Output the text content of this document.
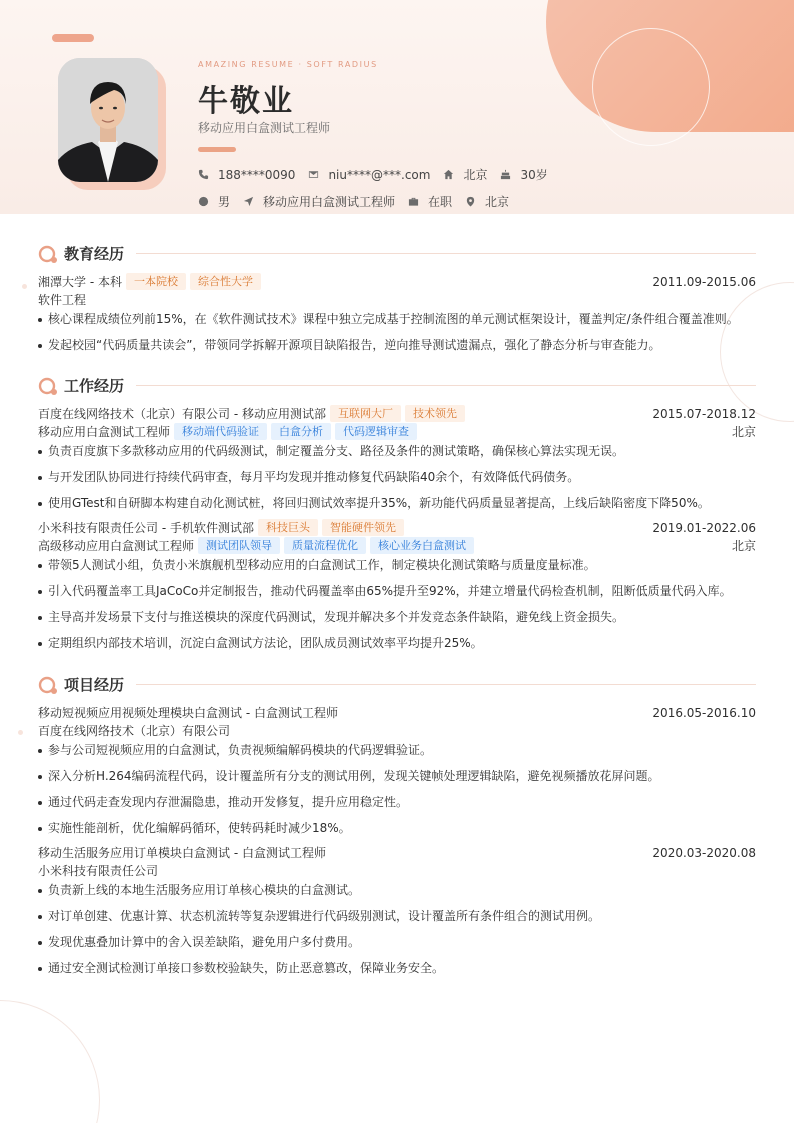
AMAZING RESUME · SOFT RADIUS
牛敬业
移动应用白盒测试工程师
188****0090	niu****@***.com	北京	30岁
男	移动应用白盒测试工程师	在职	北京
教育经历
湘潭大学 - 本科	一本院校	综合性大学	2011.09-2015.06
软件工程
核心课程成绩位列前15%，在《软件测试技术》课程中独立完成基于控制流图的单元测试框架设计，覆盖判定/条件组合覆盖准则。
发起校园“代码质量共读会”，带领同学拆解开源项目缺陷报告，逆向推导测试遗漏点，强化了静态分析与审查能力。
工作经历
百度在线网络技术（北京）有限公司 - 移动应用测试部	互联网大厂	技术领先	2015.07-2018.12
移动应用白盒测试工程师	移动端代码验证	白盒分析	代码逻辑审查	北京
负责百度旗下多款移动应用的代码级测试，制定覆盖分支、路径及条件的测试策略，确保核心算法实现无误。
与开发团队协同进行持续代码审查，每月平均发现并推动修复代码缺陷40余个，有效降低代码债务。
使用GTest和自研脚本构建自动化测试桩，将回归测试效率提升35%，新功能代码质量显著提高，上线后缺陷密度下降50%。
小米科技有限责任公司 - 手机软件测试部	科技巨头	智能硬件领先	2019.01-2022.06
高级移动应用白盒测试工程师	测试团队领导	质量流程优化	核心业务白盒测试	北京
带领5人测试小组，负责小米旗舰机型移动应用的白盒测试工作，制定模块化测试策略与质量度量标准。
引入代码覆盖率工具JaCoCo并定制报告，推动代码覆盖率由65%提升至92%，并建立增量代码检查机制，阻断低质量代码入库。
主导高并发场景下支付与推送模块的深度代码测试，发现并解决多个并发竞态条件缺陷，避免线上资金损失。
定期组织内部技术培训，沉淀白盒测试方法论，团队成员测试效率平均提升25%。
项目经历
移动短视频应用视频处理模块白盒测试 - 白盒测试工程师	2016.05-2016.10
百度在线网络技术（北京）有限公司
参与公司短视频应用的白盒测试，负责视频编解码模块的代码逻辑验证。
深入分析H.264编码流程代码，设计覆盖所有分支的测试用例，发现关键帧处理逻辑缺陷，避免视频播放花屏问题。
通过代码走查发现内存泄漏隐患，推动开发修复，提升应用稳定性。
实施性能剖析，优化编解码循环，使转码耗时减少18%。
移动生活服务应用订单模块白盒测试 - 白盒测试工程师	2020.03-2020.08
小米科技有限责任公司
负责新上线的本地生活服务应用订单核心模块的白盒测试。
对订单创建、优惠计算、状态机流转等复杂逻辑进行代码级别测试，设计覆盖所有条件组合的测试用例。
发现优惠叠加计算中的舍入误差缺陷，避免用户多付费用。
通过安全测试检测订单接口参数校验缺失，防止恶意篡改，保障业务安全。
